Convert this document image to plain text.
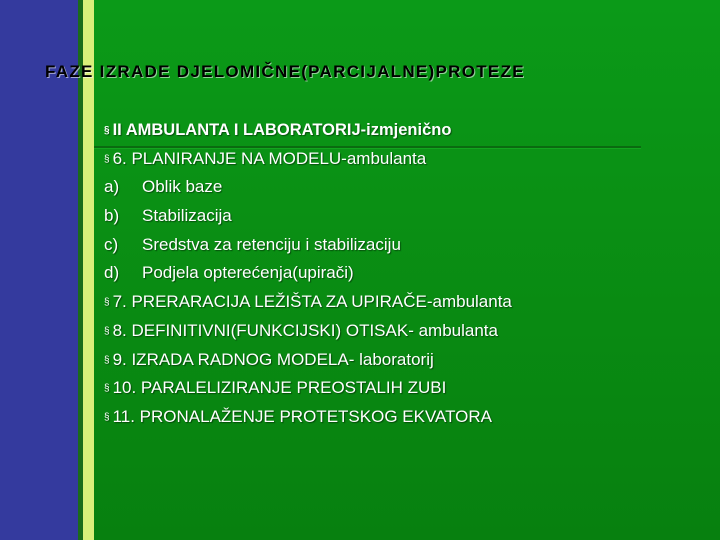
FAZE IZRADE DJELOMIČNE(PARCIJALNE)PROTEZE
§ II AMBULANTA I LABORATORIJ-izmjenično
§ 6. PLANIRANJE NA MODELU-ambulanta
a) Oblik baze
b) Stabilizacija
c) Sredstva za retenciju i stabilizaciju
d) Podjela opterećenja(upirači)
§ 7. PRERARACIJA LEŽIŠTA ZA UPIRAČE-ambulanta
§ 8. DEFINITIVNI(FUNKCIJSKI) OTISAK- ambulanta
§ 9. IZRADA RADNOG MODELA- laboratorij
§ 10. PARALELIZIRANJE PREOSTALIH ZUBI
§ 11. PRONALAŽENJE PROTETSKOG EKVATORA
